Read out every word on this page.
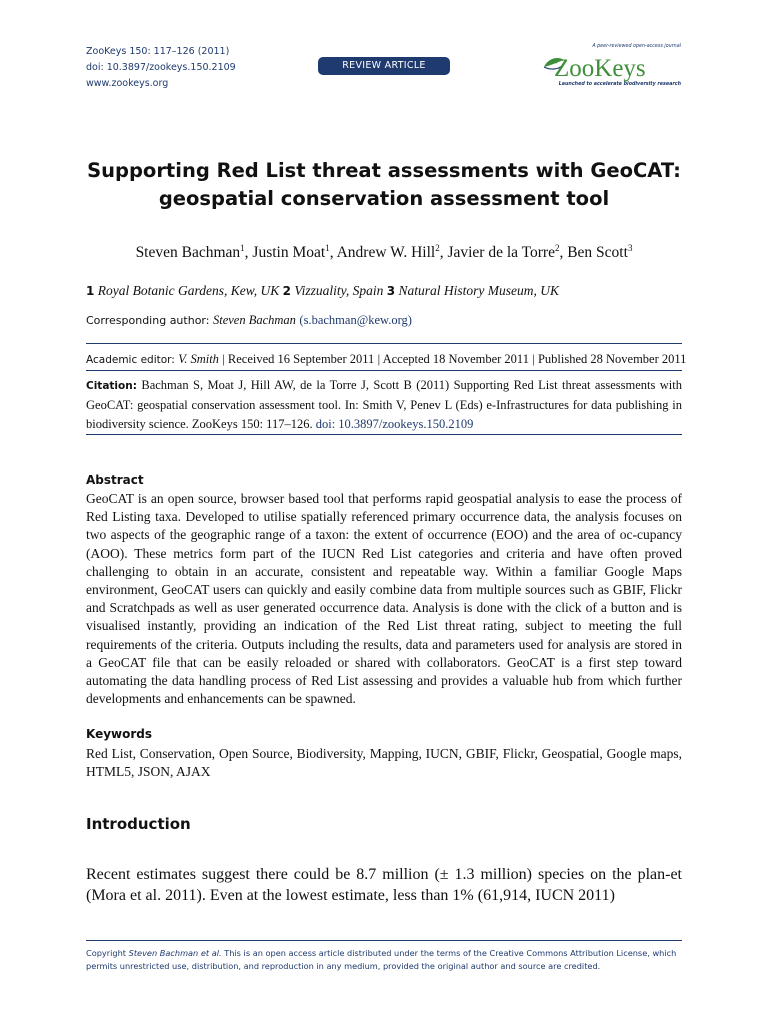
ZooKeys 150: 117–126 (2011)
doi: 10.3897/zookeys.150.2109
www.zookeys.org
REVIEW ARTICLE
A peer-reviewed open-access journal
ZooKeys
Launched to accelerate biodiversity research
Supporting Red List threat assessments with GeoCAT:
geospatial conservation assessment tool
Steven Bachman$^1$, Justin Moat$^1$, Andrew W. Hill$^2$, Javier de la Torre$^2$, Ben Scott$^3$
1 Royal Botanic Gardens, Kew, UK 2 Vizzuality, Spain 3 Natural History Museum, UK
Corresponding author: Steven Bachman (s.bachman@kew.org)
Academic editor: V. Smith | Received 16 September 2011 | Accepted 18 November 2011 | Published 28 November 2011
Citation: Bachman S, Moat J, Hill AW, de la Torre J, Scott B (2011) Supporting Red List threat assessments with GeoCAT: geospatial conservation assessment tool. In: Smith V, Penev L (Eds) e-Infrastructures for data publishing in biodiversity science. ZooKeys 150: 117–126. doi: 10.3897/zookeys.150.2109
Abstract

GeoCAT is an open source, browser based tool that performs rapid geospatial analysis to ease the process of Red Listing taxa. Developed to utilise spatially referenced primary occurrence data, the analysis focuses on two aspects of the geographic range of a taxon: the extent of occurrence (EOO) and the area of oc-cupancy (AOO). These metrics form part of the IUCN Red List categories and criteria and have often proved challenging to obtain in an accurate, consistent and repeatable way. Within a familiar Google Maps environment, GeoCAT users can quickly and easily combine data from multiple sources such as GBIF, Flickr and Scratchpads as well as user generated occurrence data. Analysis is done with the click of a button and is visualised instantly, providing an indication of the Red List threat rating, subject to meeting the full requirements of the criteria. Outputs including the results, data and parameters used for analysis are stored in a GeoCAT file that can be easily reloaded or shared with collaborators. GeoCAT is a first step toward automating the data handling process of Red List assessing and provides a valuable hub from which further developments and enhancements can be spawned.

Keywords

Red List, Conservation, Open Source, Biodiversity, Mapping, IUCN, GBIF, Flickr, Geospatial, Google maps, HTML5, JSON, AJAX

Introduction

Recent estimates suggest there could be 8.7 million (± 1.3 million) species on the plan-et (Mora et al. 2011). Even at the lowest estimate, less than 1% (61,914, IUCN 2011)

Copyright Steven Bachman et al. This is an open access article distributed under the terms of the Creative Commons Attribution License, which permits unrestricted use, distribution, and reproduction in any medium, provided the original author and source are credited.
